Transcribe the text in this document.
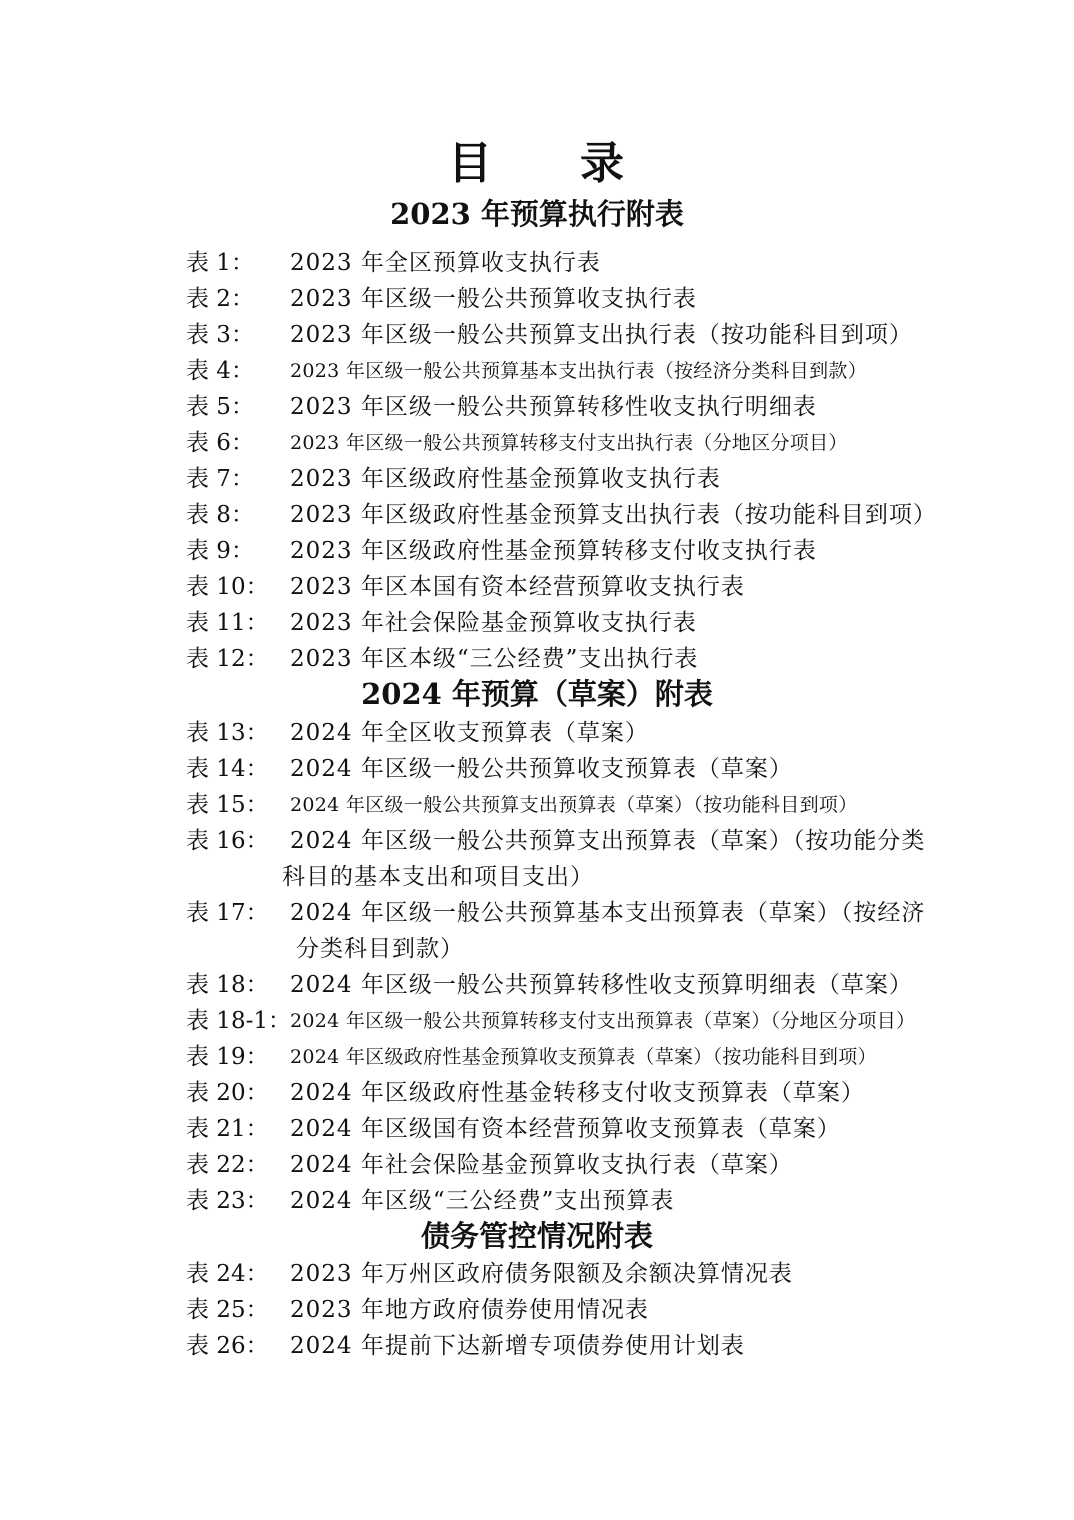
目 录
2023 年预算执行附表
2024 年预算（草案）附表
债务管控情况附表
表 1： 2023 年全区预算收支执行表
表 2： 2023 年区级一般公共预算收支执行表
表 3： 2023 年区级一般公共预算支出执行表（按功能科目到项）
表 4： 2023 年区级一般公共预算基本支出执行表（按经济分类科目到款）
表 5： 2023 年区级一般公共预算转移性收支执行明细表
表 6： 2023 年区级一般公共预算转移支付支出执行表（分地区分项目）
表 7： 2023 年区级政府性基金预算收支执行表
表 8： 2023 年区级政府性基金预算支出执行表（按功能科目到项）
表 9： 2023 年区级政府性基金预算转移支付收支执行表
表 10： 2023 年区本国有资本经营预算收支执行表
表 11： 2023 年社会保险基金预算收支执行表
表 12： 2023 年区本级“三公经费”支出执行表
表 13： 2024 年全区收支预算表（草案）
表 14： 2024 年区级一般公共预算收支预算表（草案）
表 15： 2024 年区级一般公共预算支出预算表（草案）（按功能科目到项）
表 16： 2024 年区级一般公共预算支出预算表（草案）（按功能分类
科目的基本支出和项目支出）
表 17： 2024 年区级一般公共预算基本支出预算表（草案）（按经济
分类科目到款）
表 18： 2024 年区级一般公共预算转移性收支预算明细表（草案）
表 18-1： 2024 年区级一般公共预算转移支付支出预算表（草案）（分地区分项目）
表 19： 2024 年区级政府性基金预算收支预算表（草案）（按功能科目到项）
表 20： 2024 年区级政府性基金转移支付收支预算表（草案）
表 21： 2024 年区级国有资本经营预算收支预算表（草案）
表 22： 2024 年社会保险基金预算收支执行表（草案）
表 23： 2024 年区级“三公经费”支出预算表
表 24： 2023 年万州区政府债务限额及余额决算情况表
表 25： 2023 年地方政府债券使用情况表
表 26： 2024 年提前下达新增专项债券使用计划表
